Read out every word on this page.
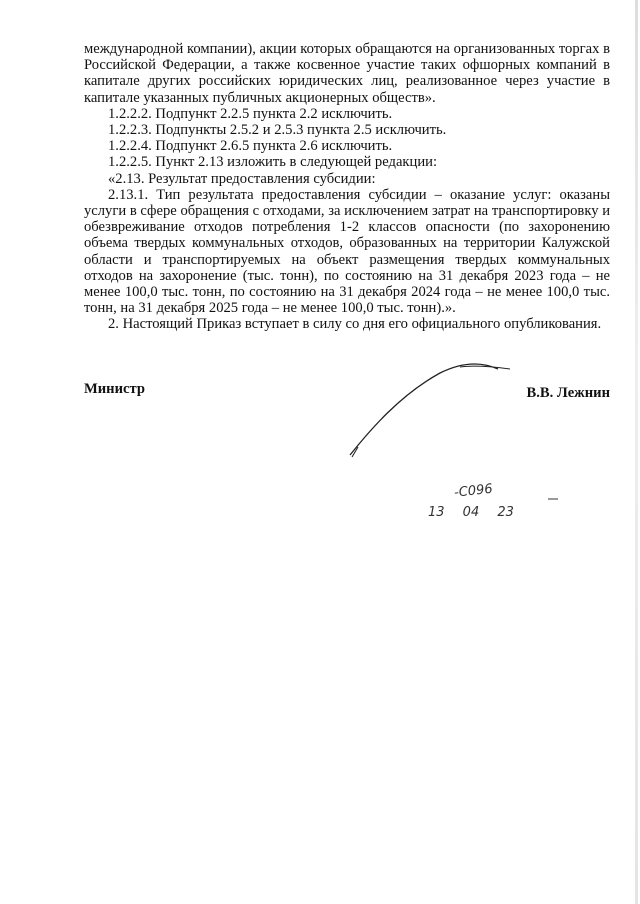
международной компании), акции которых обращаются на организованных торгах в Российской Федерации, а также косвенное участие таких офшорных компаний в капитале других российских юридических лиц, реализованное через участие в капитале указанных публичных акционерных обществ».

1.2.2.2. Подпункт 2.2.5 пункта 2.2 исключить.

1.2.2.3. Подпункты 2.5.2 и 2.5.3 пункта 2.5 исключить.

1.2.2.4. Подпункт 2.6.5 пункта 2.6 исключить.

1.2.2.5. Пункт 2.13 изложить в следующей редакции:

«2.13. Результат предоставления субсидии:

2.13.1. Тип результата предоставления субсидии – оказание услуг: оказаны услуги в сфере обращения с отходами, за исключением затрат на транспортировку и обезвреживание отходов потребления 1-2 классов опасности (по захоронению объема твердых коммунальных отходов, образованных на территории Калужской области и транспортируемых на объект размещения твердых коммунальных отходов на захоронение (тыс. тонн), по состоянию на 31 декабря 2023 года – не менее 100,0 тыс. тонн, по состоянию на 31 декабря 2024 года – не менее 100,0 тыс. тонн, на 31 декабря 2025 года – не менее 100,0 тыс. тонн).».

2. Настоящий Приказ вступает в силу со дня его официального опубликования.

Министр	В.В. Лежнин
-С096
13 04 23
